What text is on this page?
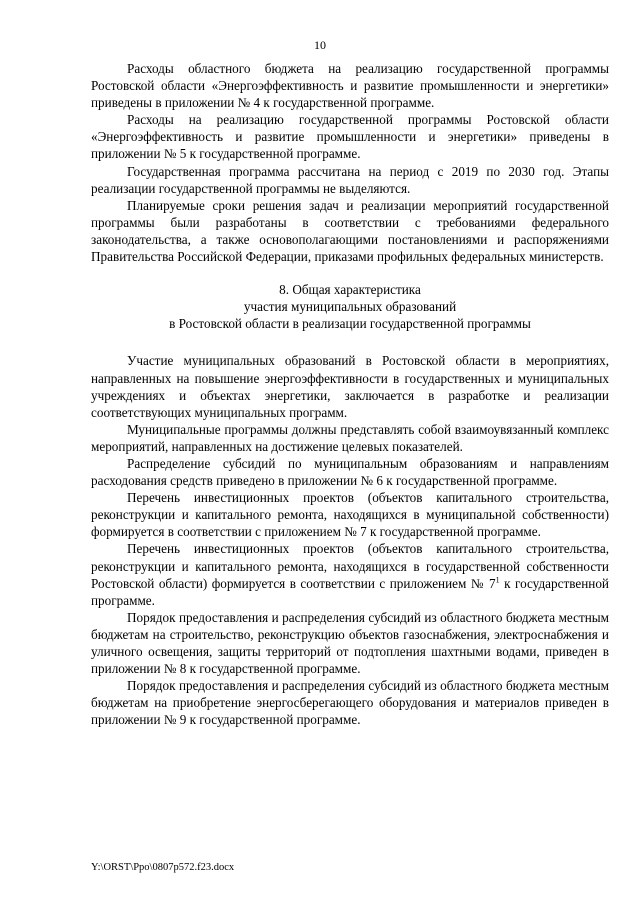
10

Расходы областного бюджета на реализацию государственной программы Ростовской области «Энергоэффективность и развитие промышленности и энергетики» приведены в приложении № 4 к государственной программе.

Расходы на реализацию государственной программы Ростовской области «Энергоэффективность и развитие промышленности и энергетики» приведены в приложении № 5 к государственной программе.

Государственная программа рассчитана на период с 2019 по 2030 год. Этапы реализации государственной программы не выделяются.

Планируемые сроки решения задач и реализации мероприятий государственной программы были разработаны в соответствии с требованиями федерального законодательства, а также основополагающими постановлениями и распоряжениями Правительства Российской Федерации, приказами профильных федеральных министерств.

8. Общая характеристика
участия муниципальных образований
в Ростовской области в реализации государственной программы

Участие муниципальных образований в Ростовской области в мероприятиях, направленных на повышение энергоэффективности в государственных и муниципальных учреждениях и объектах энергетики, заключается в разработке и реализации соответствующих муниципальных программ.

Муниципальные программы должны представлять собой взаимоувязанный комплекс мероприятий, направленных на достижение целевых показателей.

Распределение субсидий по муниципальным образованиям и направлениям расходования средств приведено в приложении № 6 к государственной программе.

Перечень инвестиционных проектов (объектов капитального строительства, реконструкции и капитального ремонта, находящихся в муниципальной собственности) формируется в соответствии с приложением № 7 к государственной программе.

Перечень инвестиционных проектов (объектов капитального строительства, реконструкции и капитального ремонта, находящихся в государственной собственности Ростовской области) формируется в соответствии с приложением № $7^1$ к государственной программе.

Порядок предоставления и распределения субсидий из областного бюджета местным бюджетам на строительство, реконструкцию объектов газоснабжения, электроснабжения и уличного освещения, защиты территорий от подтопления шахтными водами, приведен в приложении № 8 к государственной программе.

Порядок предоставления и распределения субсидий из областного бюджета местным бюджетам на приобретение энергосберегающего оборудования и материалов приведен в приложении № 9 к государственной программе.

Y:\ORST\Ppo\0807p572.f23.docx
